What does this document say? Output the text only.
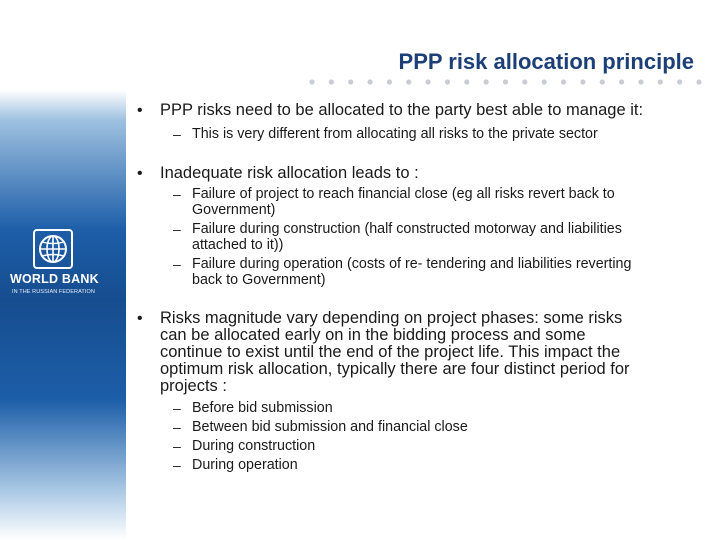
WORLD BANK
IN THE RUSSIAN FEDERATION
PPP risk allocation principle
• PPP risks need to be allocated to the party best able to manage it:
– This is very different from allocating all risks to the private sector
• Inadequate risk allocation leads to :
– Failure of project to reach financial close (eg all risks revert back to
Government)
– Failure during construction (half constructed motorway and liabilities
attached to it))
– Failure during operation (costs of re- tendering and liabilities reverting
back to Government)
• Risks magnitude vary depending on project phases: some risks
can be allocated early on in the bidding process and some
continue to exist until the end of the project life. This impact the
optimum risk allocation, typically there are four distinct period for
projects :
– Before bid submission
– Between bid submission and financial close
– During construction
– During operation
